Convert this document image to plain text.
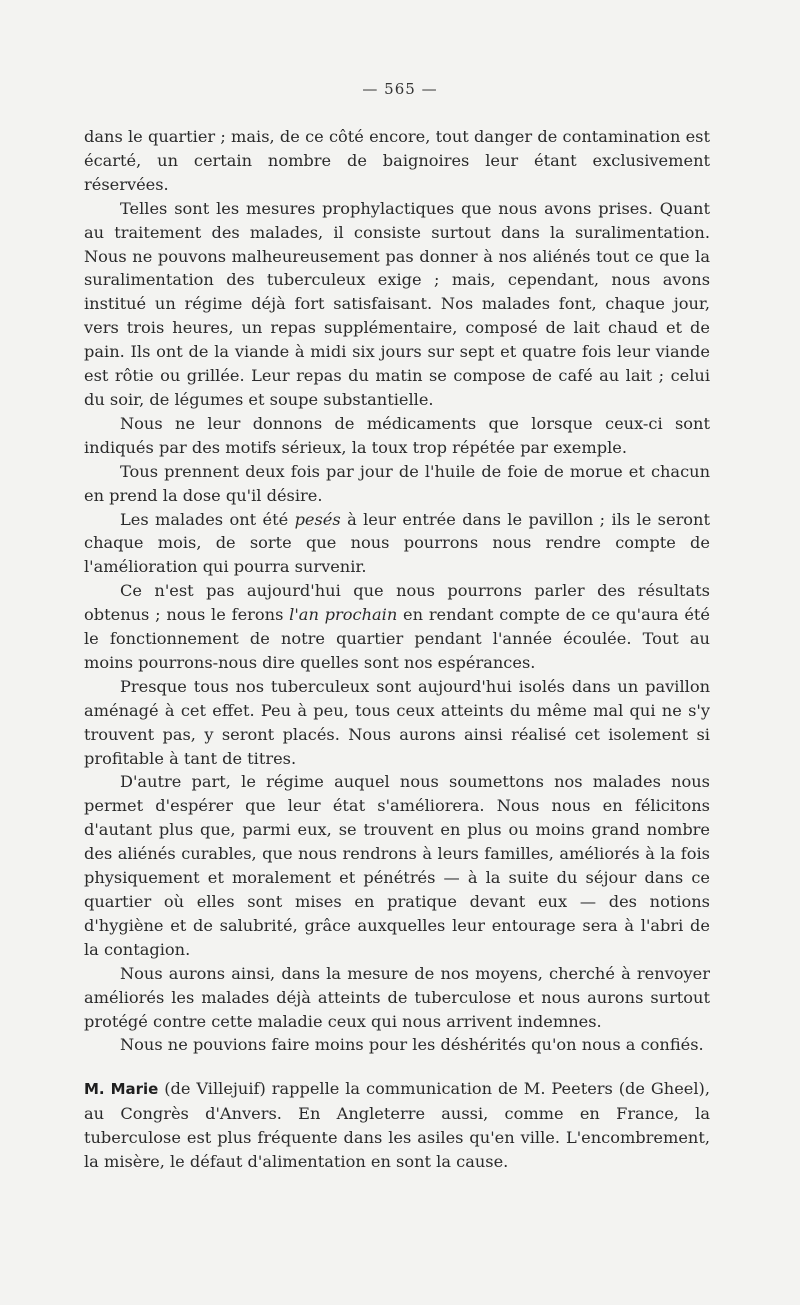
— 565 —

dans le quartier ; mais, de ce côté encore, tout danger de contamination est écarté, un certain nombre de baignoires leur étant exclusivement réservées.

Telles sont les mesures prophylactiques que nous avons prises. Quant au traitement des malades, il consiste surtout dans la suralimentation. Nous ne pouvons malheureusement pas donner à nos aliénés tout ce que la suralimentation des tuberculeux exige ; mais, cependant, nous avons institué un régime déjà fort satisfaisant. Nos malades font, chaque jour, vers trois heures, un repas supplémentaire, composé de lait chaud et de pain. Ils ont de la viande à midi six jours sur sept et quatre fois leur viande est rôtie ou grillée. Leur repas du matin se compose de café au lait ; celui du soir, de légumes et soupe substantielle.

Nous ne leur donnons de médicaments que lorsque ceux-ci sont indiqués par des motifs sérieux, la toux trop répétée par exemple.

Tous prennent deux fois par jour de l'huile de foie de morue et chacun en prend la dose qu'il désire.

Les malades ont été pesés à leur entrée dans le pavillon ; ils le seront chaque mois, de sorte que nous pourrons nous rendre compte de l'amélioration qui pourra survenir.

Ce n'est pas aujourd'hui que nous pourrons parler des résultats obtenus ; nous le ferons l'an prochain en rendant compte de ce qu'aura été le fonctionnement de notre quartier pendant l'année écoulée. Tout au moins pourrons-nous dire quelles sont nos espérances.

Presque tous nos tuberculeux sont aujourd'hui isolés dans un pavillon aménagé à cet effet. Peu à peu, tous ceux atteints du même mal qui ne s'y trouvent pas, y seront placés. Nous aurons ainsi réalisé cet isolement si profitable à tant de titres.

D'autre part, le régime auquel nous soumettons nos malades nous permet d'espérer que leur état s'améliorera. Nous nous en félicitons d'autant plus que, parmi eux, se trouvent en plus ou moins grand nombre des aliénés curables, que nous rendrons à leurs familles, améliorés à la fois physiquement et moralement et pénétrés — à la suite du séjour dans ce quartier où elles sont mises en pratique devant eux — des notions d'hygiène et de salubrité, grâce auxquelles leur entourage sera à l'abri de la contagion.

Nous aurons ainsi, dans la mesure de nos moyens, cherché à renvoyer améliorés les malades déjà atteints de tuberculose et nous aurons surtout protégé contre cette maladie ceux qui nous arrivent indemnes.

Nous ne pouvions faire moins pour les déshérités qu'on nous a confiés.

M. Marie (de Villejuif) rappelle la communication de M. Peeters (de Gheel), au Congrès d'Anvers. En Angleterre aussi, comme en France, la tuberculose est plus fréquente dans les asiles qu'en ville. L'encombrement, la misère, le défaut d'alimentation en sont la cause.
